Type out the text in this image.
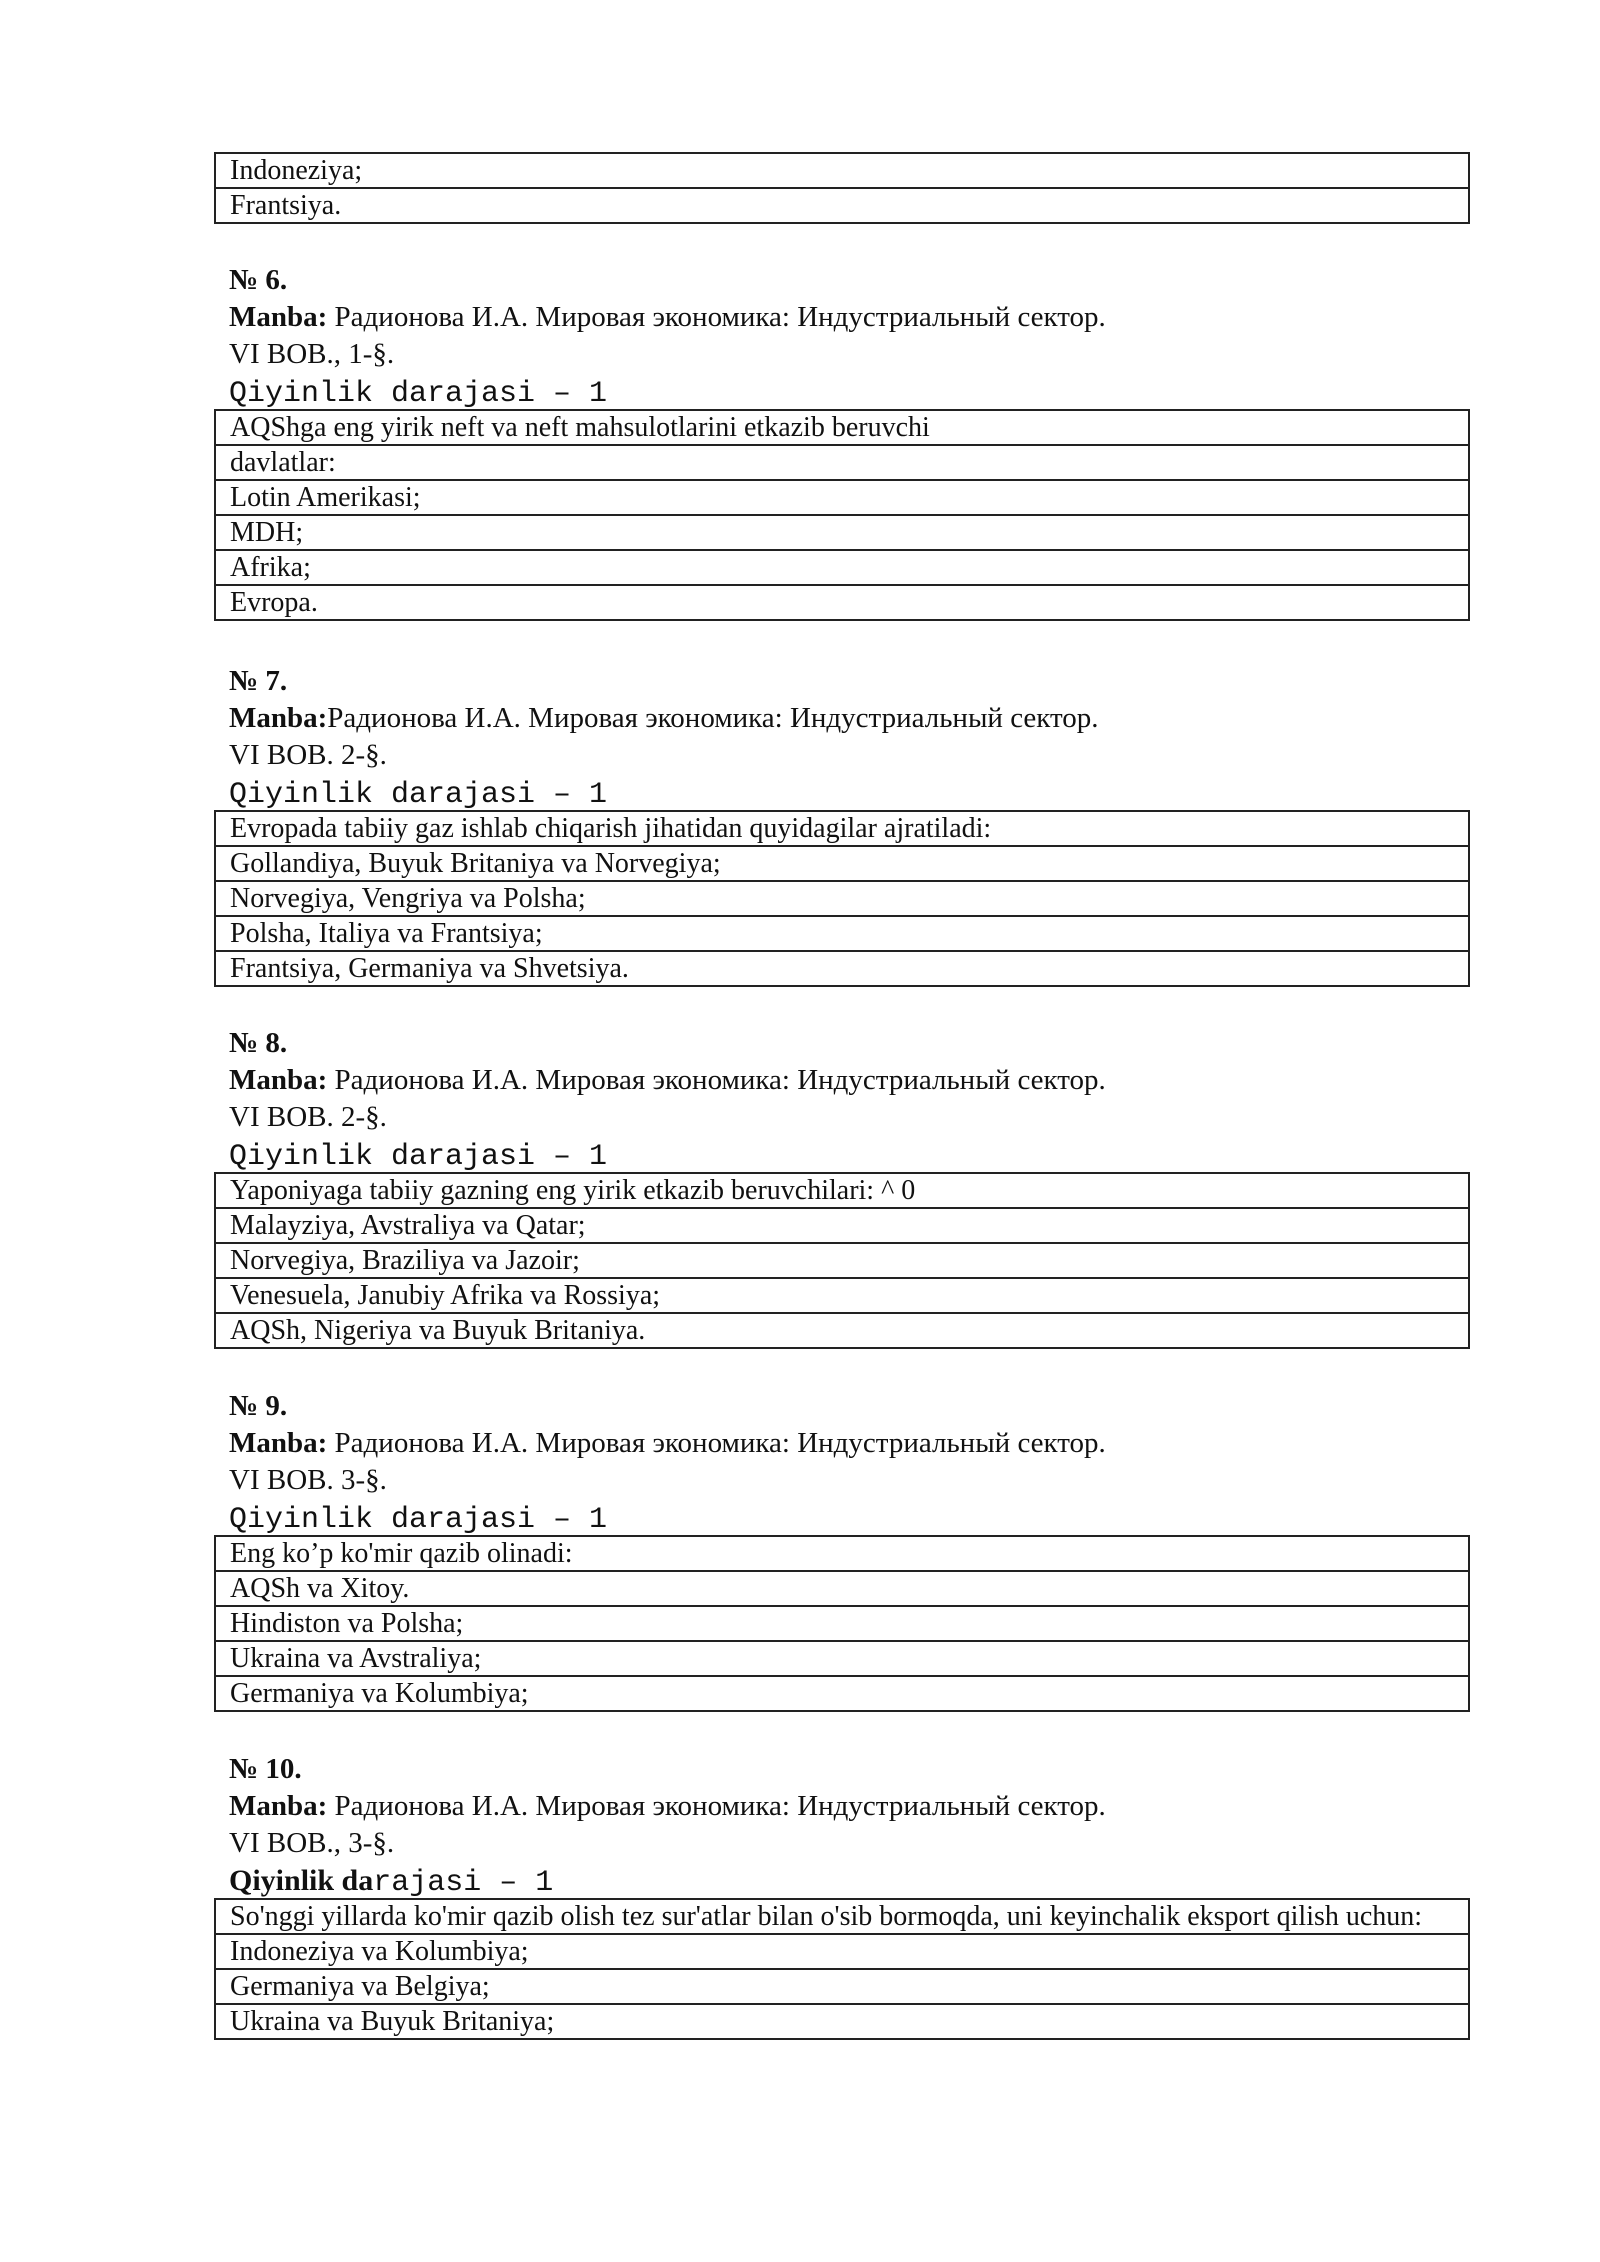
Indoneziya;
Frantsiya.
№ 6.
Manba: Радионова И.А. Мировая экономика: Индустриальный сектор.
VI BOB., 1-§.
Qiyinlik darajasi – 1
AQShga eng yirik neft va neft mahsulotlarini etkazib beruvchi
davlatlar:
Lotin Amerikasi;
MDH;
Afrika;
Evropa.
№ 7.
Manba:Радионова И.А. Мировая экономика: Индустриальный сектор.
VI BOB. 2-§.
Qiyinlik darajasi – 1
Evropada tabiiy gaz ishlab chiqarish jihatidan quyidagilar ajratiladi:
Gollandiya, Buyuk Britaniya va Norvegiya;
Norvegiya, Vengriya va Polsha;
Polsha, Italiya va Frantsiya;
Frantsiya, Germaniya va Shvetsiya.
№ 8.
Manba: Радионова И.А. Мировая экономика: Индустриальный сектор.
VI BOB. 2-§.
Qiyinlik darajasi – 1
Yaponiyaga tabiiy gazning eng yirik etkazib beruvchilari: ^ 0
Malayziya, Avstraliya va Qatar;
Norvegiya, Braziliya va Jazoir;
Venesuela, Janubiy Afrika va Rossiya;
AQSh, Nigeriya va Buyuk Britaniya.
№ 9.
Manba: Радионова И.А. Мировая экономика: Индустриальный сектор.
VI BOB. 3-§.
Qiyinlik darajasi – 1
Eng ko’p ko'mir qazib olinadi:
AQSh va Xitoy.
Hindiston va Polsha;
Ukraina va Avstraliya;
Germaniya va Kolumbiya;
№ 10.
Manba: Радионова И.А. Мировая экономика: Индустриальный сектор.
VI BOB., 3-§.
Qiyinlik darajasi – 1
So'nggi yillarda ko'mir qazib olish tez sur'atlar bilan o'sib bormoqda, uni keyinchalik eksport qilish uchun:
Indoneziya va Kolumbiya;
Germaniya va Belgiya;
Ukraina va Buyuk Britaniya;
